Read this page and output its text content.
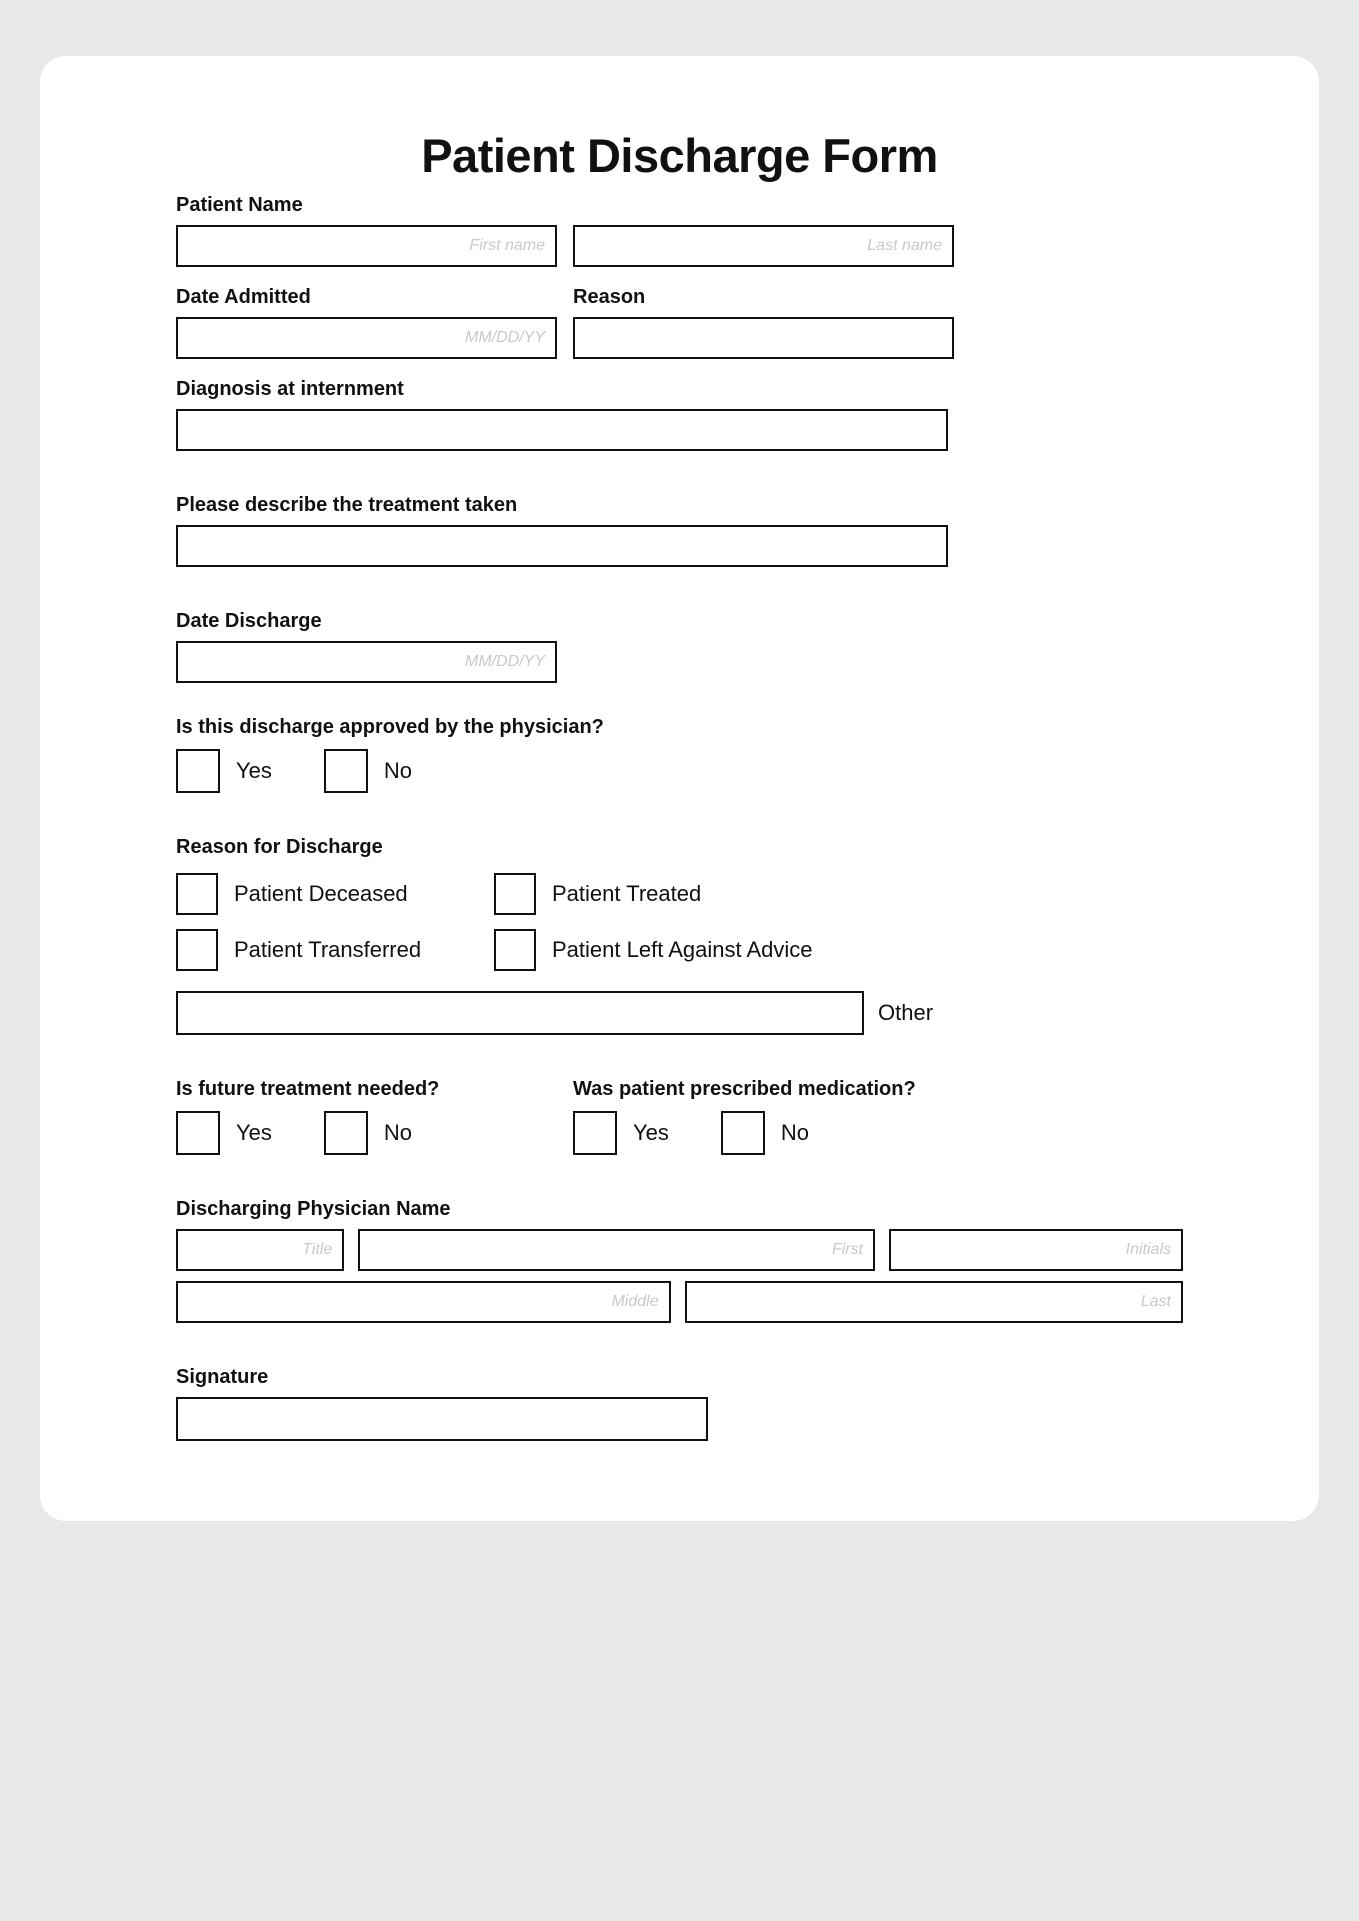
Patient Discharge Form
Patient Name
First name	Last name
Date Admitted
MM/DD/YY
Reason
Diagnosis at internment
Please describe the treatment taken
Date Discharge
MM/DD/YY
Is this discharge approved by the physician?
Yes	No
Reason for Discharge
Patient Deceased	Patient Treated
Patient Transferred	Patient Left Against Advice
Other
Is future treatment needed?
Yes	No
Was patient prescribed medication?
Yes	No
Discharging Physician Name
Title	First	Initials
Middle	Last
Signature
